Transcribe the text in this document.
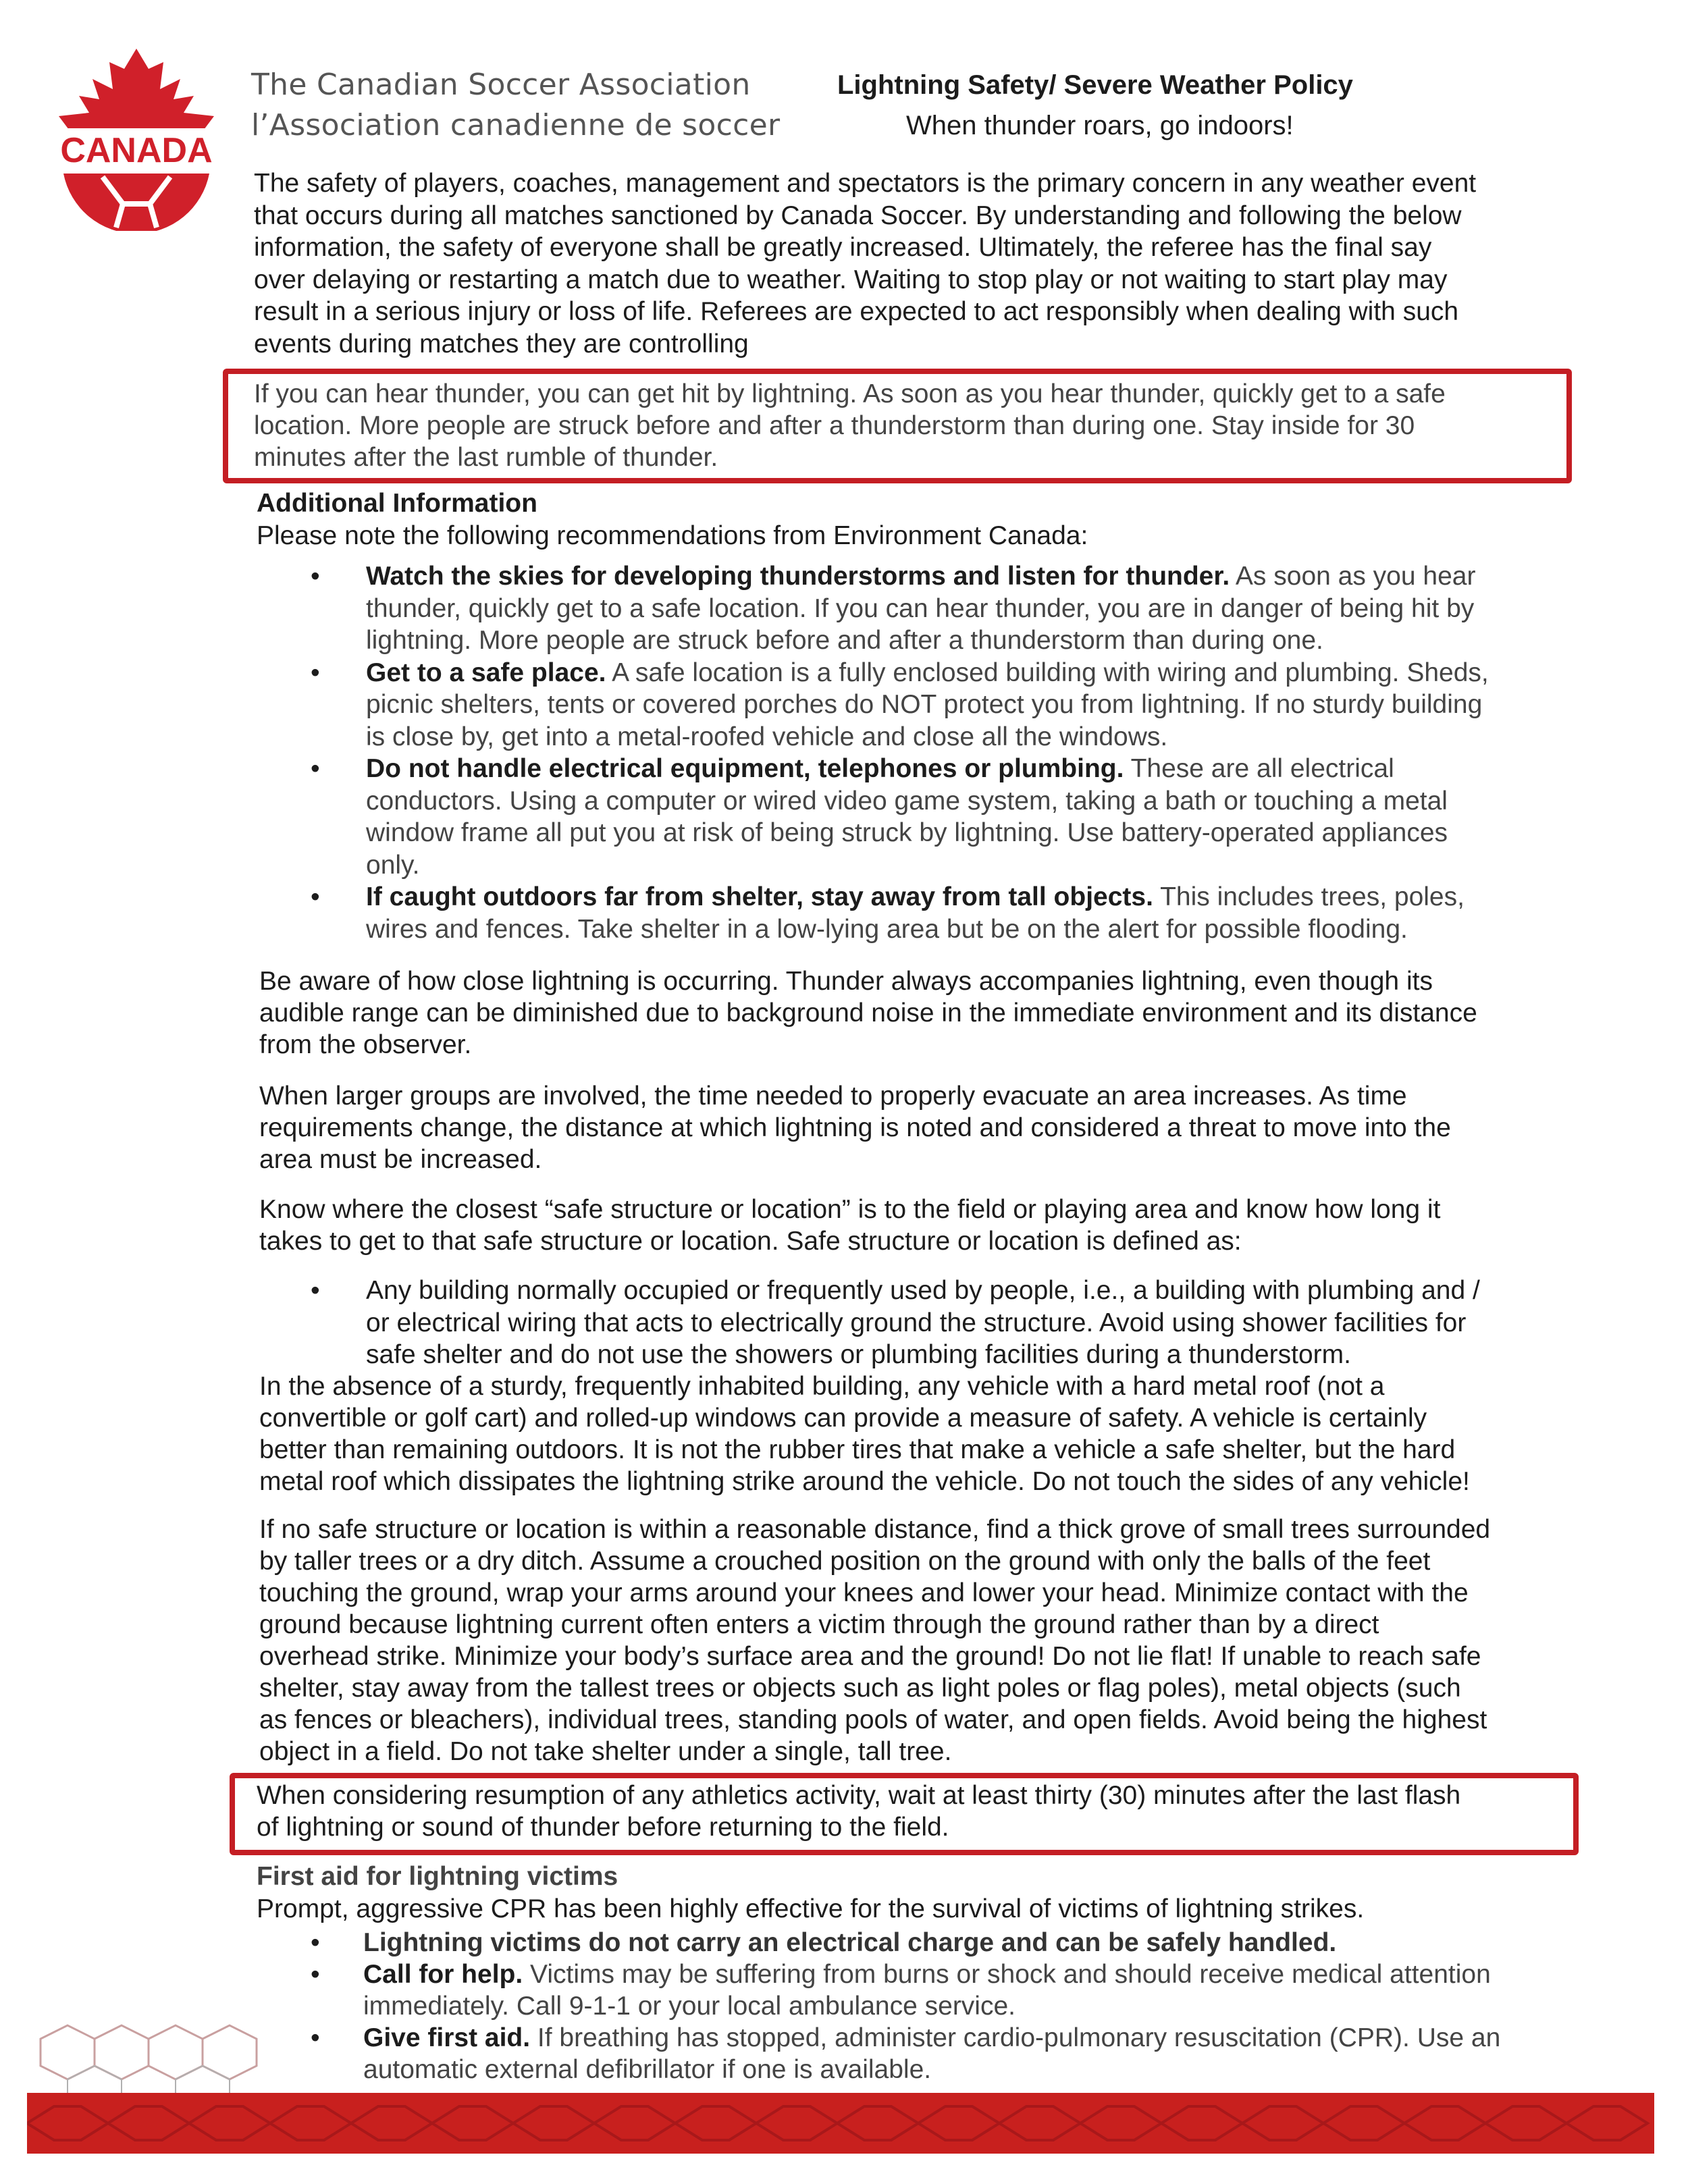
CANADA
The Canadian Soccer Association
l’Association canadienne de soccer
Lightning Safety/ Severe Weather Policy
When thunder roars, go indoors!
The safety of players, coaches, management and spectators is the primary concern in any weather event
that occurs during all matches sanctioned by Canada Soccer. By understanding and following the below
information, the safety of everyone shall be greatly increased. Ultimately, the referee has the final say
over delaying or restarting a match due to weather. Waiting to stop play or not waiting to start play may
result in a serious injury or loss of life. Referees are expected to act responsibly when dealing with such
events during matches they are controlling
If you can hear thunder, you can get hit by lightning. As soon as you hear thunder, quickly get to a safe
location. More people are struck before and after a thunderstorm than during one. Stay inside for 30
minutes after the last rumble of thunder.
Additional Information
Please note the following recommendations from Environment Canada:
•	Watch the skies for developing thunderstorms and listen for thunder. As soon as you hear
thunder, quickly get to a safe location. If you can hear thunder, you are in danger of being hit by
lightning. More people are struck before and after a thunderstorm than during one.
•	Get to a safe place. A safe location is a fully enclosed building with wiring and plumbing. Sheds,
picnic shelters, tents or covered porches do NOT protect you from lightning. If no sturdy building
is close by, get into a metal-roofed vehicle and close all the windows.
•	Do not handle electrical equipment, telephones or plumbing. These are all electrical
conductors. Using a computer or wired video game system, taking a bath or touching a metal
window frame all put you at risk of being struck by lightning. Use battery-operated appliances
only.
•	If caught outdoors far from shelter, stay away from tall objects. This includes trees, poles,
wires and fences. Take shelter in a low-lying area but be on the alert for possible flooding.
Be aware of how close lightning is occurring. Thunder always accompanies lightning, even though its
audible range can be diminished due to background noise in the immediate environment and its distance
from the observer.
When larger groups are involved, the time needed to properly evacuate an area increases. As time
requirements change, the distance at which lightning is noted and considered a threat to move into the
area must be increased.
Know where the closest “safe structure or location” is to the field or playing area and know how long it
takes to get to that safe structure or location. Safe structure or location is defined as:
•	Any building normally occupied or frequently used by people, i.e., a building with plumbing and /
or electrical wiring that acts to electrically ground the structure. Avoid using shower facilities for
safe shelter and do not use the showers or plumbing facilities during a thunderstorm.
In the absence of a sturdy, frequently inhabited building, any vehicle with a hard metal roof (not a
convertible or golf cart) and rolled-up windows can provide a measure of safety. A vehicle is certainly
better than remaining outdoors. It is not the rubber tires that make a vehicle a safe shelter, but the hard
metal roof which dissipates the lightning strike around the vehicle. Do not touch the sides of any vehicle!
If no safe structure or location is within a reasonable distance, find a thick grove of small trees surrounded
by taller trees or a dry ditch. Assume a crouched position on the ground with only the balls of the feet
touching the ground, wrap your arms around your knees and lower your head. Minimize contact with the
ground because lightning current often enters a victim through the ground rather than by a direct
overhead strike. Minimize your body’s surface area and the ground! Do not lie flat! If unable to reach safe
shelter, stay away from the tallest trees or objects such as light poles or flag poles), metal objects (such
as fences or bleachers), individual trees, standing pools of water, and open fields. Avoid being the highest
object in a field. Do not take shelter under a single, tall tree.
When considering resumption of any athletics activity, wait at least thirty (30) minutes after the last flash
of lightning or sound of thunder before returning to the field.
First aid for lightning victims
Prompt, aggressive CPR has been highly effective for the survival of victims of lightning strikes.
•	Lightning victims do not carry an electrical charge and can be safely handled.
•	Call for help. Victims may be suffering from burns or shock and should receive medical attention
immediately. Call 9-1-1 or your local ambulance service.
•	Give first aid. If breathing has stopped, administer cardio-pulmonary resuscitation (CPR). Use an
automatic external defibrillator if one is available.
